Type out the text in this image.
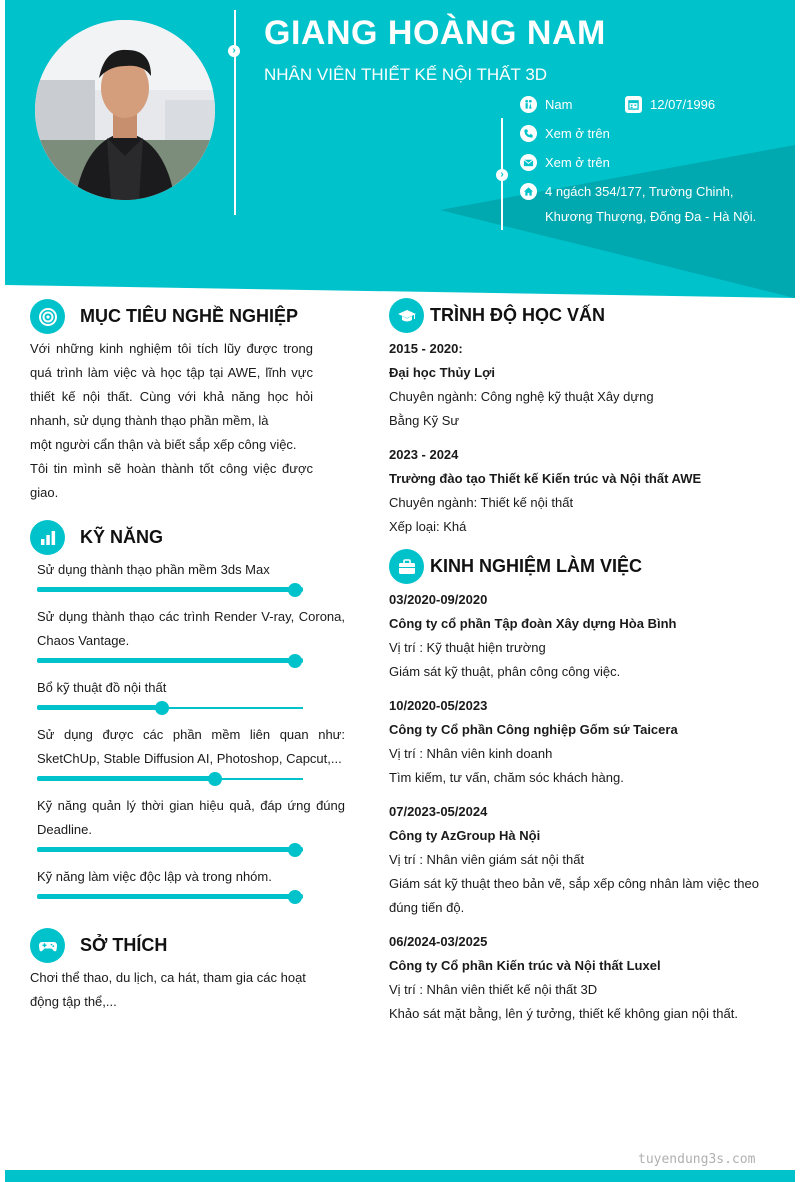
›
›
GIANG HOÀNG NAM
NHÂN VIÊN THIẾT KẾ NỘI THẤT 3D
Nam	12/07/1996
Xem ở trên
Xem ở trên
4 ngách 354/177, Trường Chinh,
Khương Thượng, Đống Đa - Hà Nội.
MỤC TIÊU NGHỀ NGHIỆP
Với những kinh nghiệm tôi tích lũy được trong
quá trình làm việc và học tập tại AWE, lĩnh vực
thiết kế nội thất. Cùng với khả năng học hỏi
nhanh, sử dụng thành thạo phần mềm, là
một người cẩn thận và biết sắp xếp công việc.
Tôi tin mình sẽ hoàn thành tốt công việc được
giao.
KỸ NĂNG
Sử dụng thành thạo phần mềm 3ds Max
Sử dụng thành thạo các trình Render V-ray, Corona,
Chaos Vantage.
Bổ kỹ thuật đồ nội thất
Sử dụng được các phần mềm liên quan như:
SketChUp, Stable Diffusion AI, Photoshop, Capcut,...
Kỹ năng quản lý thời gian hiệu quả, đáp ứng đúng
Deadline.
Kỹ năng làm việc độc lập và trong nhóm.
SỞ THÍCH
Chơi thể thao, du lịch, ca hát, tham gia các hoạt
động tập thể,...
TRÌNH ĐỘ HỌC VẤN
2015 - 2020:
Đại học Thủy Lợi
Chuyên ngành: Công nghệ kỹ thuật Xây dựng
Bằng Kỹ Sư
2023 - 2024
Trường đào tạo Thiết kế Kiến trúc và Nội thất AWE
Chuyên ngành: Thiết kế nội thất
Xếp loại: Khá
KINH NGHIỆM LÀM VIỆC
03/2020-09/2020
Công ty cổ phần Tập đoàn Xây dựng Hòa Bình
Vị trí : Kỹ thuật hiện trường
Giám sát kỹ thuật, phân công công việc.
10/2020-05/2023
Công ty Cổ phần Công nghiệp Gốm sứ Taicera
Vị trí : Nhân viên kinh doanh
Tìm kiếm, tư vấn, chăm sóc khách hàng.
07/2023-05/2024
Công ty AzGroup Hà Nội
Vị trí : Nhân viên giám sát nội thất
Giám sát kỹ thuật theo bản vẽ, sắp xếp công nhân làm việc theo
đúng tiến độ.
06/2024-03/2025
Công ty Cổ phần Kiến trúc và Nội thất Luxel
Vị trí : Nhân viên thiết kế nội thất 3D
Khảo sát mặt bằng, lên ý tưởng, thiết kế không gian nội thất.
tuyendung3s.com
